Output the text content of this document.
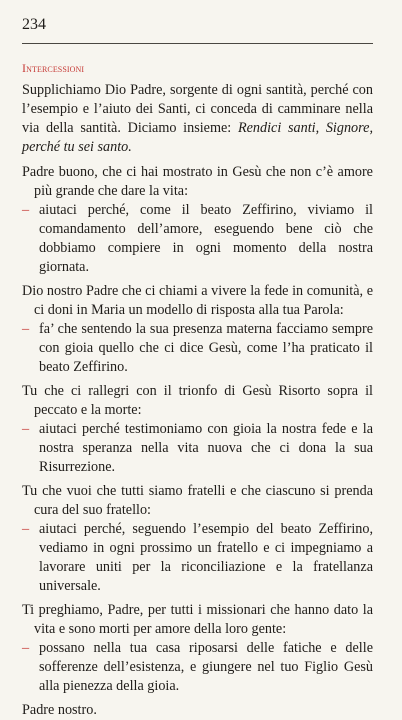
234
Intercessioni

Supplichiamo Dio Padre, sorgente di ogni santità, perché con l’esempio e l’aiuto dei Santi, ci conceda di camminare nella via della santità. Diciamo insieme: Rendici santi, Signore, perché tu sei santo.

Padre buono, che ci hai mostrato in Gesù che non c’è amore più grande che dare la vita:

– aiutaci perché, come il beato Zeffirino, viviamo il comandamento dell’amore, eseguendo bene ciò che dobbiamo compiere in ogni momento della nostra giornata.

Dio nostro Padre che ci chiami a vivere la fede in comunità, e ci doni in Maria un modello di risposta alla tua Parola:

– fa’ che sentendo la sua presenza materna facciamo sempre con gioia quello che ci dice Gesù, come l’ha praticato il beato Zeffirino.

Tu che ci rallegri con il trionfo di Gesù Risorto sopra il peccato e la morte:

– aiutaci perché testimoniamo con gioia la nostra fede e la nostra speranza nella vita nuova che ci dona la sua Risurrezione.

Tu che vuoi che tutti siamo fratelli e che ciascuno si prenda cura del suo fratello:

– aiutaci perché, seguendo l’esempio del beato Zeffirino, vediamo in ogni prossimo un fratello e ci impegniamo a lavorare uniti per la riconciliazione e la fratellanza universale.

Ti preghiamo, Padre, per tutti i missionari che hanno dato la vita e sono morti per amore della loro gente:

– possano nella tua casa riposarsi delle fatiche e delle sofferenze dell’esistenza, e giungere nel tuo Figlio Gesù alla pienezza della gioia.

Padre nostro.
